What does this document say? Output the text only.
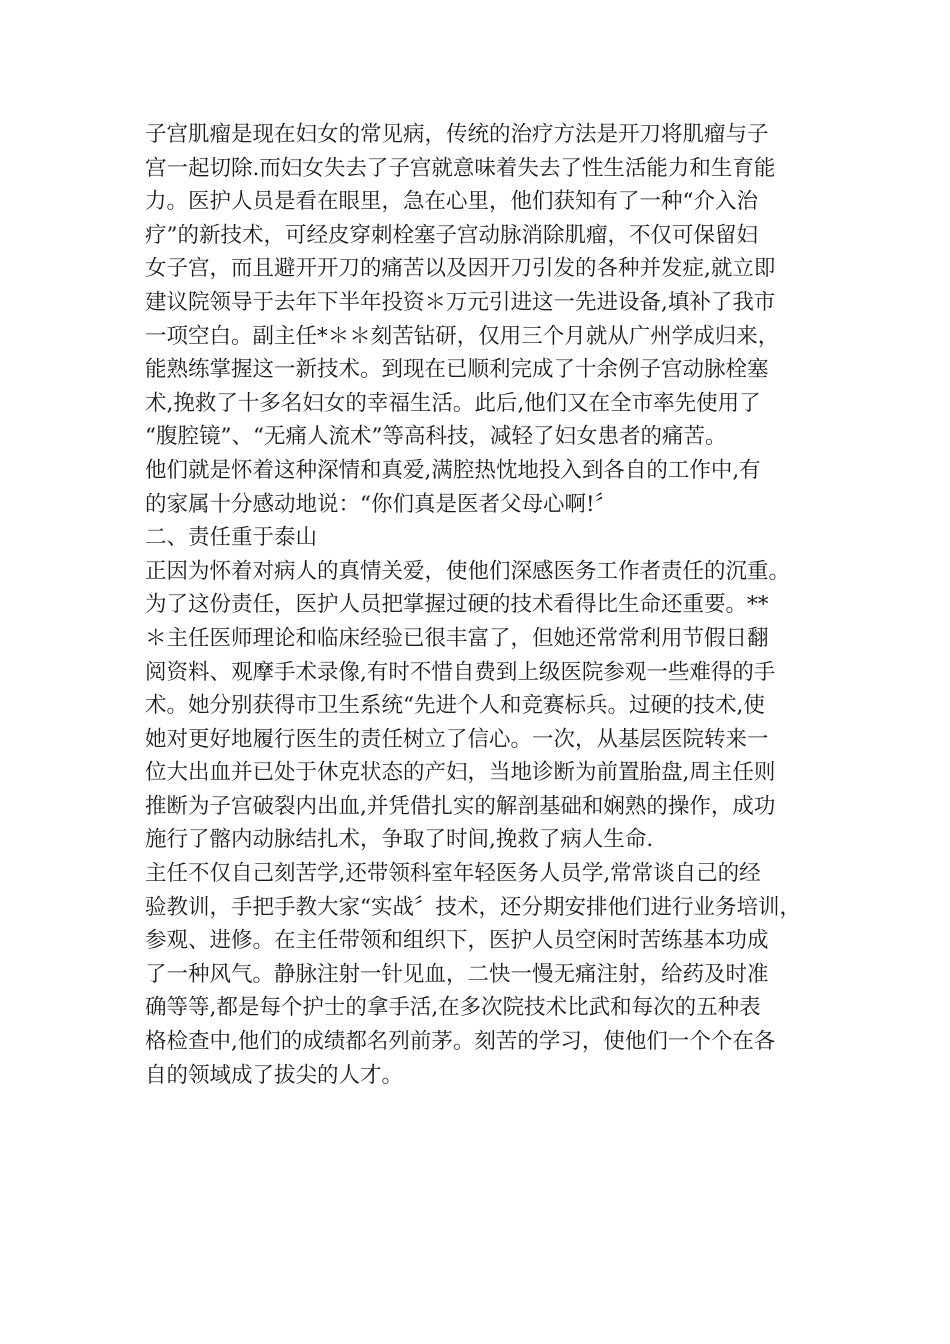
子宫肌瘤是现在妇女的常见病，传统的治疗方法是开刀将肌瘤与子
宫一起切除.而妇女失去了子宫就意味着失去了性生活能力和生育能
力。医护人员是看在眼里，急在心里，他们获知有了一种“介入治
疗”的新技术，可经皮穿刺栓塞子宫动脉消除肌瘤，不仅可保留妇
女子宫，而且避开开刀的痛苦以及因开刀引发的各种并发症,就立即
建议院领导于去年下半年投资＊万元引进这一先进设备,填补了我市
一项空白。副主任*＊＊刻苦钻研，仅用三个月就从广州学成归来，
能熟练掌握这一新技术。到现在已顺利完成了十余例子宫动脉栓塞
术,挽救了十多名妇女的幸福生活。此后,他们又在全市率先使用了
“腹腔镜”、“无痛人流术”等高科技，减轻了妇女患者的痛苦。
他们就是怀着这种深情和真爱,满腔热忱地投入到各自的工作中,有
的家属十分感动地说：“你们真是医者父母心啊!〞
二、责任重于泰山
正因为怀着对病人的真情关爱，使他们深感医务工作者责任的沉重。
为了这份责任，医护人员把掌握过硬的技术看得比生命还重要。**
＊主任医师理论和临床经验已很丰富了，但她还常常利用节假日翻
阅资料、观摩手术录像,有时不惜自费到上级医院参观一些难得的手
术。她分别获得市卫生系统“先进个人和竞赛标兵。过硬的技术,使
她对更好地履行医生的责任树立了信心。一次，从基层医院转来一
位大出血并已处于休克状态的产妇，当地诊断为前置胎盘,周主任则
推断为子宫破裂内出血,并凭借扎实的解剖基础和娴熟的操作，成功
施行了髂内动脉结扎术，争取了时间,挽救了病人生命.
主任不仅自己刻苦学,还带领科室年轻医务人员学,常常谈自己的经
验教训，手把手教大家“实战〞技术，还分期安排他们进行业务培训，
参观、进修。在主任带领和组织下，医护人员空闲时苦练基本功成
了一种风气。静脉注射一针见血，二快一慢无痛注射，给药及时准
确等等,都是每个护士的拿手活,在多次院技术比武和每次的五种表
格检查中,他们的成绩都名列前茅。刻苦的学习，使他们一个个在各
自的领域成了拔尖的人才。
